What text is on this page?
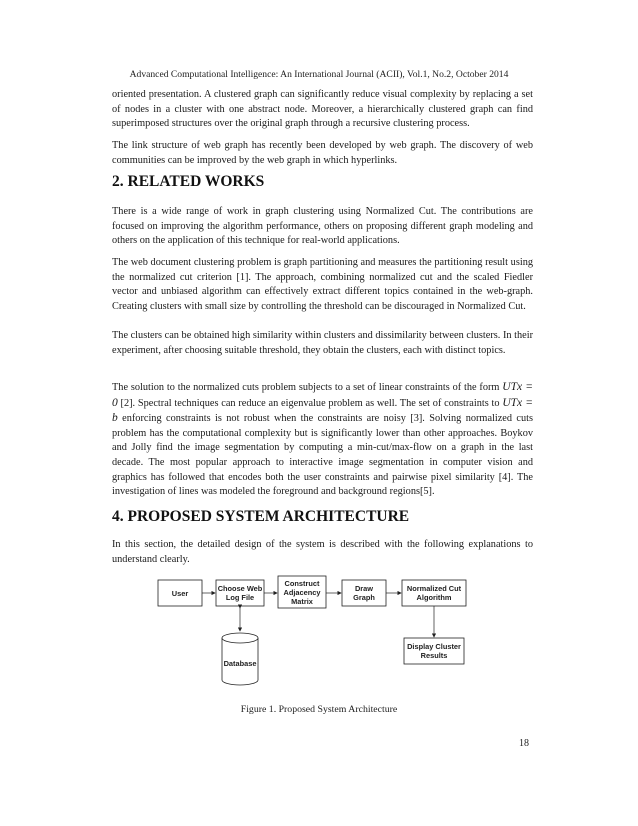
Advanced Computational Intelligence: An International Journal (ACII), Vol.1, No.2, October 2014

oriented presentation. A clustered graph can significantly reduce visual complexity by replacing a set of nodes in a cluster with one abstract node. Moreover, a hierarchically clustered graph can find superimposed structures over the original graph through a recursive clustering process.

The link structure of web graph has recently been developed by web graph. The discovery of web communities can be improved by the web graph in which hyperlinks.

2. RELATED WORKS

There is a wide range of work in graph clustering using Normalized Cut. The contributions are focused on improving the algorithm performance, others on proposing different graph modeling and others on the application of this technique for real-world applications.

The web document clustering problem is graph partitioning and measures the partitioning result using the normalized cut criterion [1]. The approach, combining normalized cut and the scaled Fiedler vector and unbiased algorithm can effectively extract different topics contained in the web-graph. Creating clusters with small size by controlling the threshold can be discouraged in Normalized Cut.

The clusters can be obtained high similarity within clusters and dissimilarity between clusters. In their experiment, after choosing suitable threshold, they obtain the clusters, each with distinct topics.

The solution to the normalized cuts problem subjects to a set of linear constraints of the form UTx = 0 [2]. Spectral techniques can reduce an eigenvalue problem as well. The set of constraints to UTx = b enforcing constraints is not robust when the constraints are noisy [3]. Solving normalized cuts problem has the computational complexity but is significantly lower than other approaches. Boykov and Jolly find the image segmentation by computing a min-cut/max-flow on a graph in the last decade. The most popular approach to interactive image segmentation in computer vision and graphics has followed that encodes both the user constraints and pairwise pixel similarity [4]. The investigation of lines was modeled the foreground and background regions[5].

4. PROPOSED SYSTEM ARCHITECTURE

In this section, the detailed design of the system is described with the following explanations to understand clearly.

User
Choose Web
Log File
Construct
Adjacency
Matrix
Draw
Graph
Normalized Cut
Algorithm
Display Cluster
Results
Database
Figure 1. Proposed System Architecture
18
